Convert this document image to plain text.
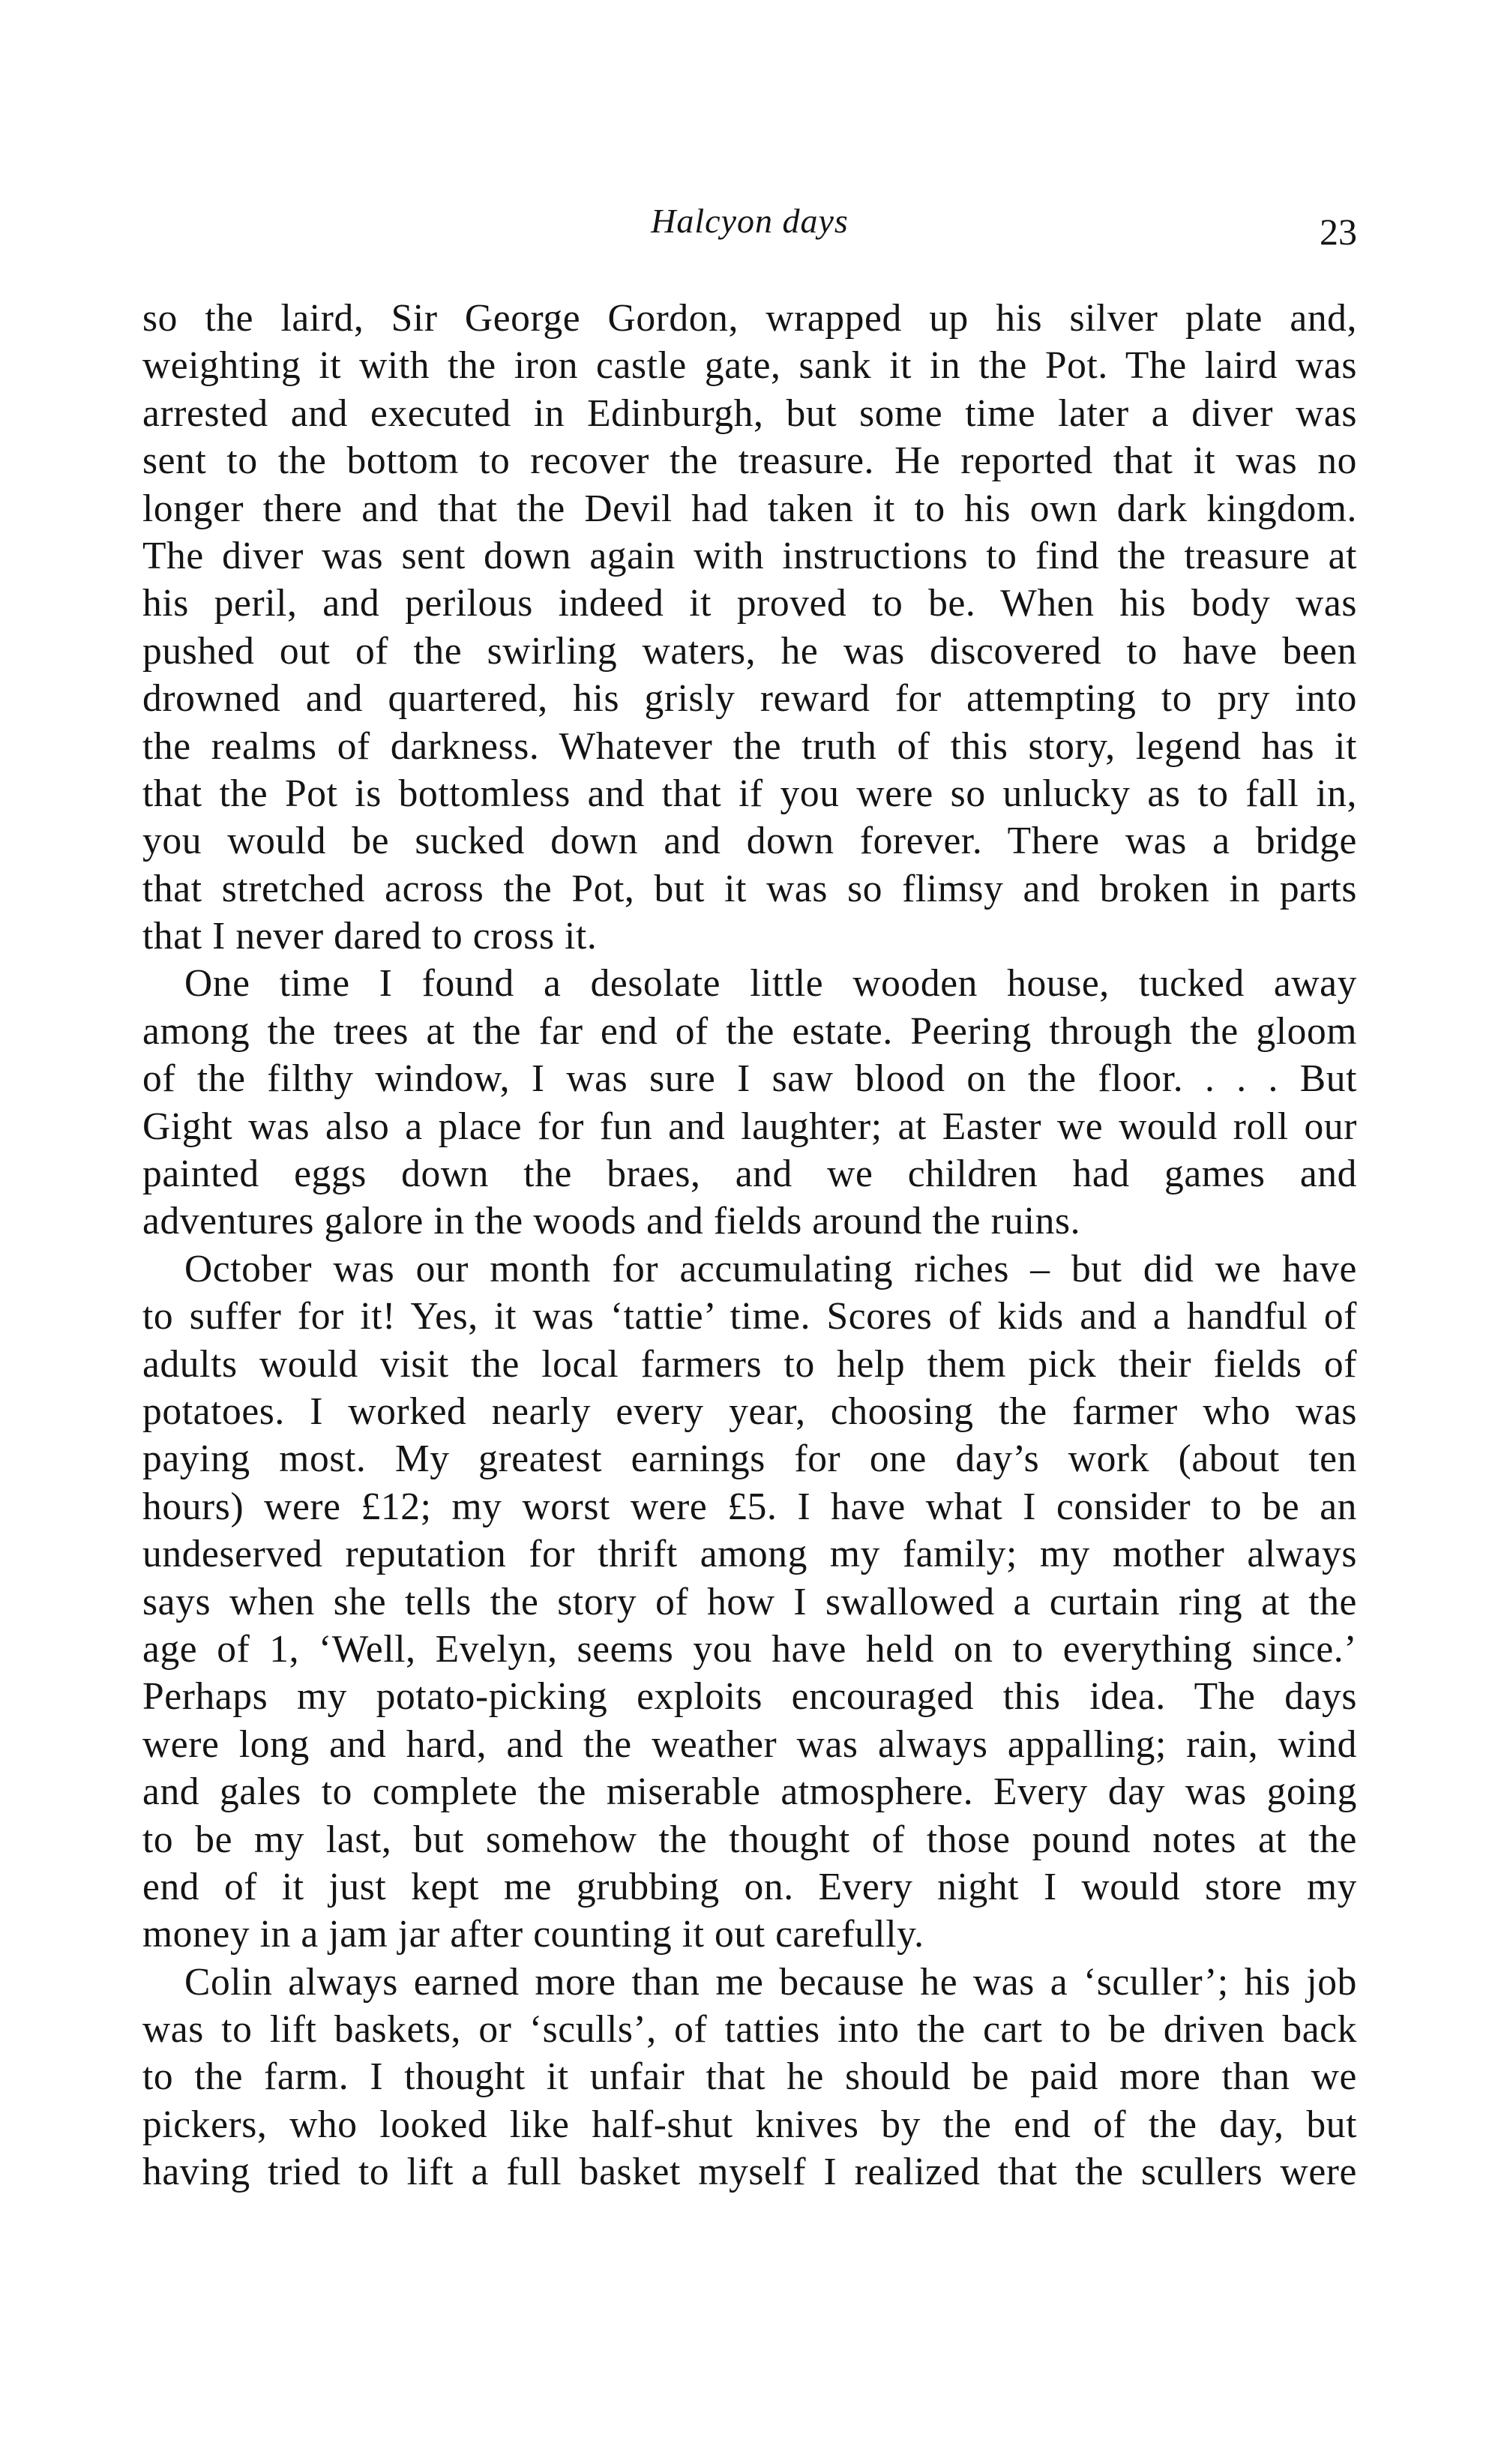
Halcyon days	23
so the laird, Sir George Gordon, wrapped up his silver plate and,
weighting it with the iron castle gate, sank it in the Pot. The laird was
arrested and executed in Edinburgh, but some time later a diver was
sent to the bottom to recover the treasure. He reported that it was no
longer there and that the Devil had taken it to his own dark kingdom.
The diver was sent down again with instructions to find the treasure at
his peril, and perilous indeed it proved to be. When his body was
pushed out of the swirling waters, he was discovered to have been
drowned and quartered, his grisly reward for attempting to pry into
the realms of darkness. Whatever the truth of this story, legend has it
that the Pot is bottomless and that if you were so unlucky as to fall in,
you would be sucked down and down forever. There was a bridge
that stretched across the Pot, but it was so flimsy and broken in parts
that I never dared to cross it.
One time I found a desolate little wooden house, tucked away
among the trees at the far end of the estate. Peering through the gloom
of the filthy window, I was sure I saw blood on the floor. . . . But
Gight was also a place for fun and laughter; at Easter we would roll our
painted eggs down the braes, and we children had games and
adventures galore in the woods and fields around the ruins.
October was our month for accumulating riches – but did we have
to suffer for it! Yes, it was ‘tattie’ time. Scores of kids and a handful of
adults would visit the local farmers to help them pick their fields of
potatoes. I worked nearly every year, choosing the farmer who was
paying most. My greatest earnings for one day’s work (about ten
hours) were £12; my worst were £5. I have what I consider to be an
undeserved reputation for thrift among my family; my mother always
says when she tells the story of how I swallowed a curtain ring at the
age of 1, ‘Well, Evelyn, seems you have held on to everything since.’
Perhaps my potato-picking exploits encouraged this idea. The days
were long and hard, and the weather was always appalling; rain, wind
and gales to complete the miserable atmosphere. Every day was going
to be my last, but somehow the thought of those pound notes at the
end of it just kept me grubbing on. Every night I would store my
money in a jam jar after counting it out carefully.
Colin always earned more than me because he was a ‘sculler’; his job
was to lift baskets, or ‘sculls’, of tatties into the cart to be driven back
to the farm. I thought it unfair that he should be paid more than we
pickers, who looked like half-shut knives by the end of the day, but
having tried to lift a full basket myself I realized that the scullers were
